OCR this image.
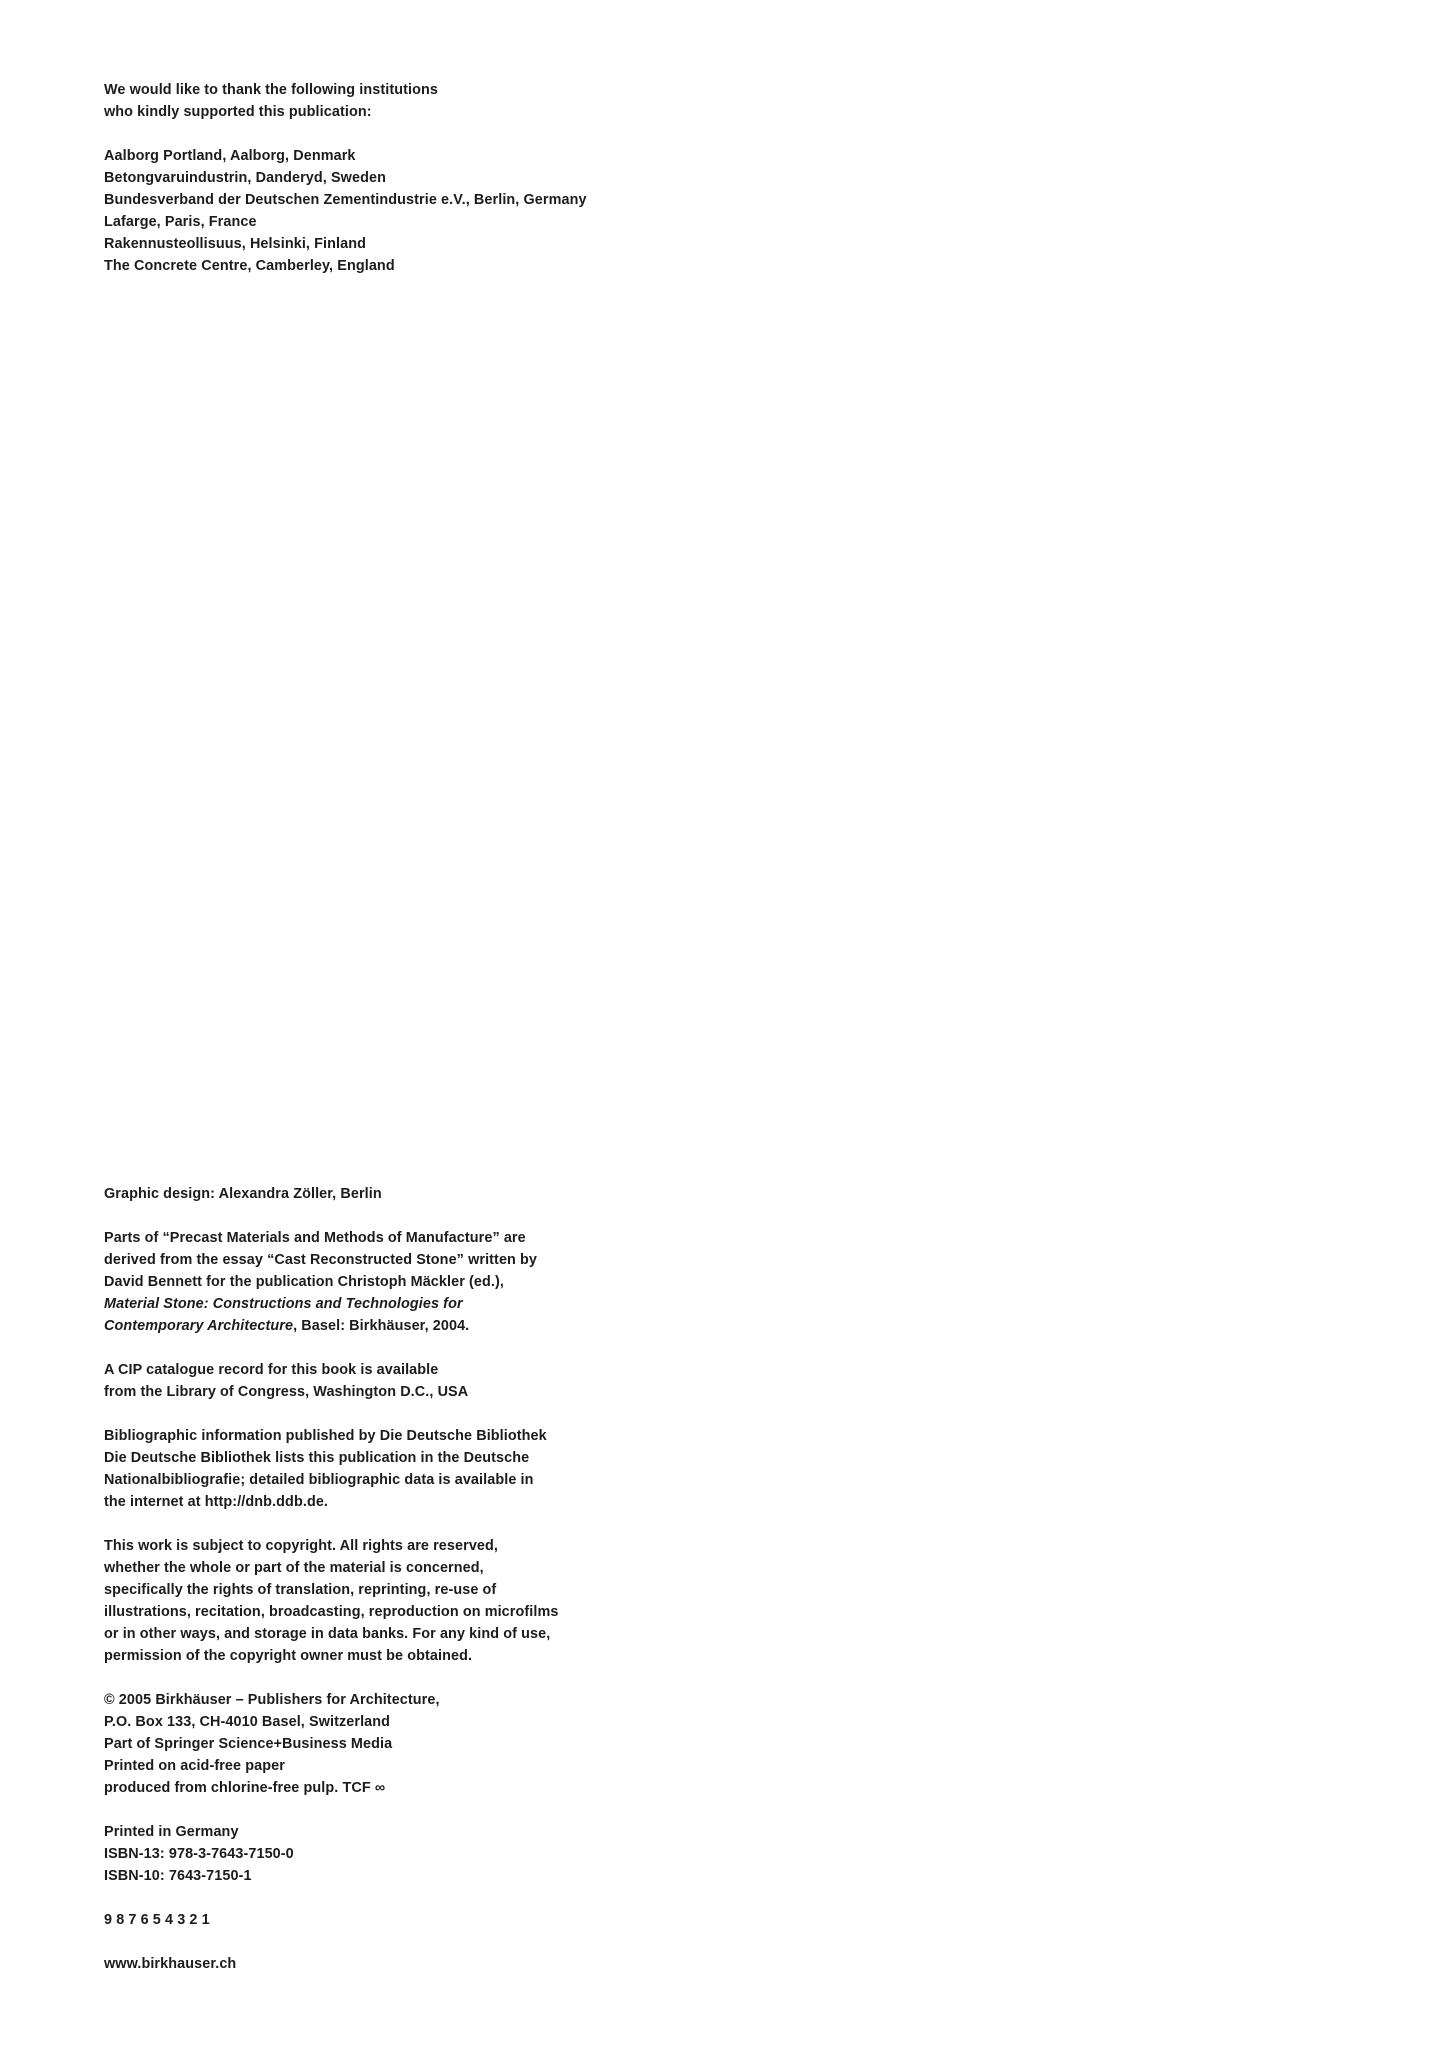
We would like to thank the following institutions
who kindly supported this publication:
Aalborg Portland, Aalborg, Denmark
Betongvaruindustrin, Danderyd, Sweden
Bundesverband der Deutschen Zementindustrie e.V., Berlin, Germany
Lafarge, Paris, France
Rakennusteollisuus, Helsinki, Finland
The Concrete Centre, Camberley, England
Graphic design: Alexandra Zöller, Berlin
Parts of “Precast Materials and Methods of Manufacture” are
derived from the essay “Cast Reconstructed Stone” written by
David Bennett for the publication Christoph Mäckler (ed.),
Material Stone: Constructions and Technologies for
Contemporary Architecture, Basel: Birkhäuser, 2004.
A CIP catalogue record for this book is available
from the Library of Congress, Washington D.C., USA
Bibliographic information published by Die Deutsche Bibliothek
Die Deutsche Bibliothek lists this publication in the Deutsche
Nationalbibliografie; detailed bibliographic data is available in
the internet at http://dnb.ddb.de.
This work is subject to copyright. All rights are reserved,
whether the whole or part of the material is concerned,
specifically the rights of translation, reprinting, re-use of
illustrations, recitation, broadcasting, reproduction on microfilms
or in other ways, and storage in data banks. For any kind of use,
permission of the copyright owner must be obtained.
© 2005 Birkhäuser – Publishers for Architecture,
P.O. Box 133, CH-4010 Basel, Switzerland
Part of Springer Science+Business Media
Printed on acid-free paper
produced from chlorine-free pulp. TCF ∞
Printed in Germany
ISBN-13: 978-3-7643-7150-0
ISBN-10: 7643-7150-1
9 8 7 6 5 4 3 2 1
www.birkhauser.ch
